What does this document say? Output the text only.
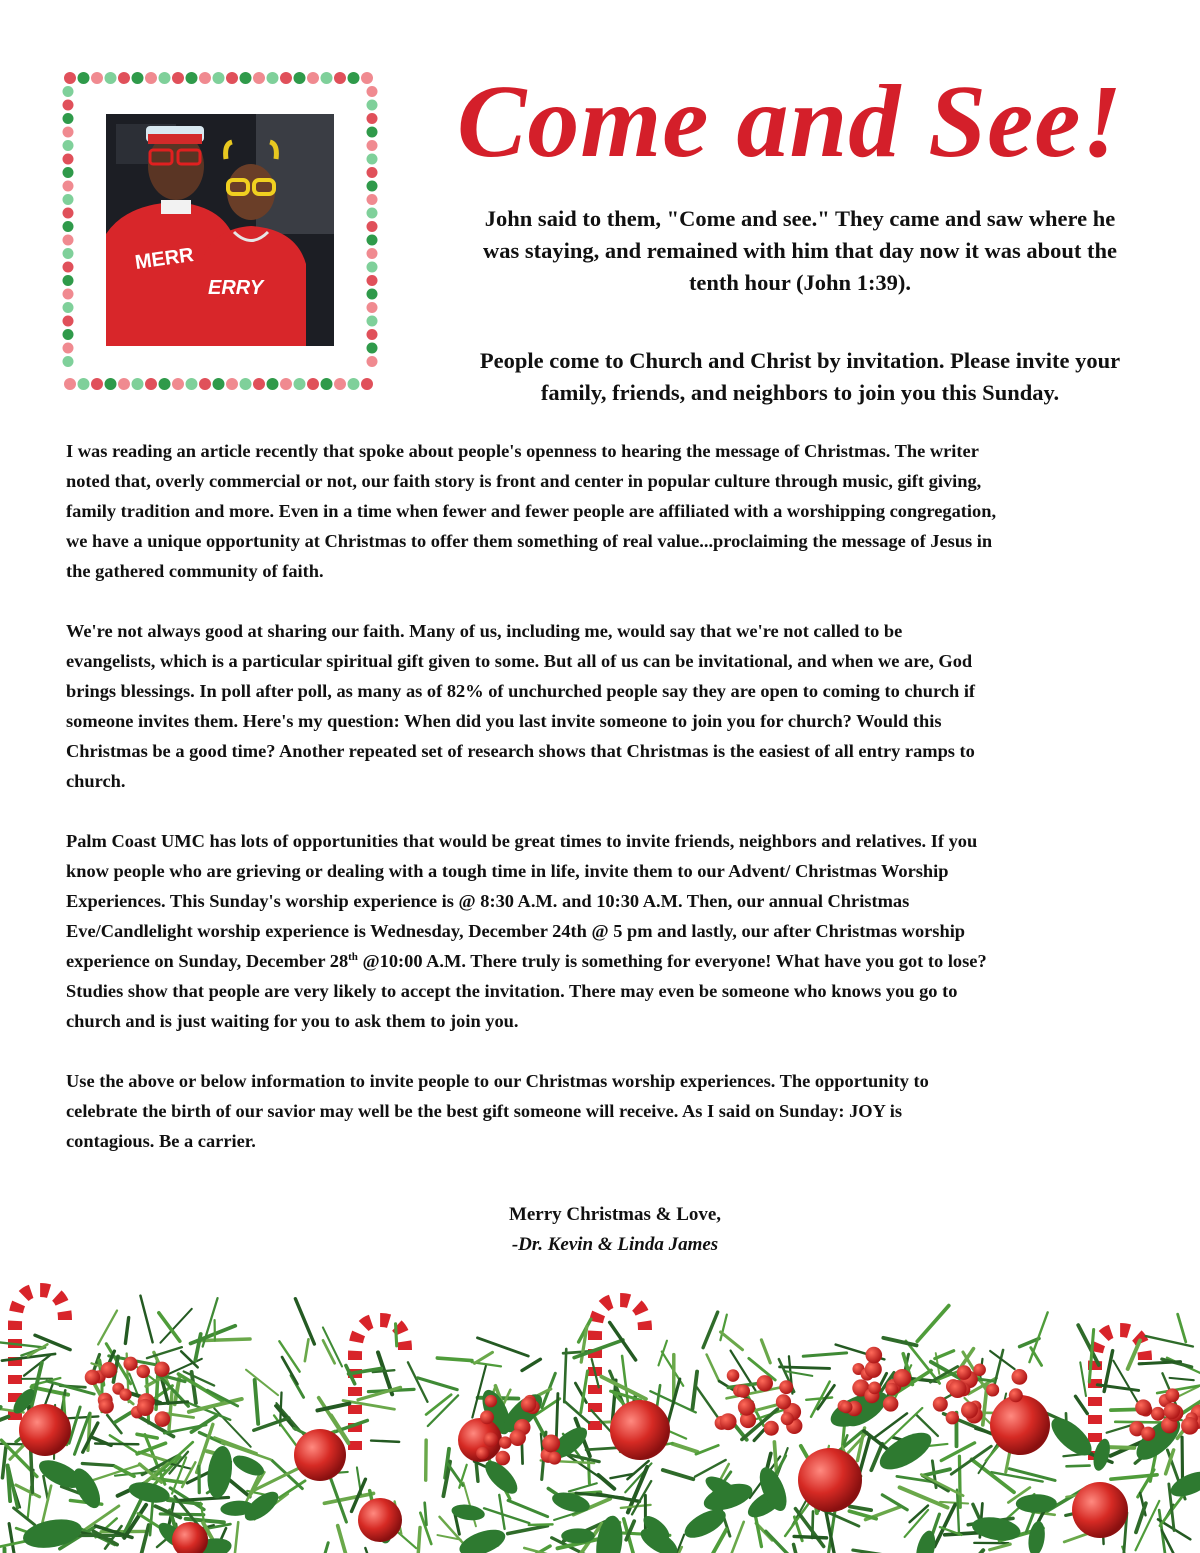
MERR
ERRY
Come and See!
John said to them, "Come and see." They came and saw where he
was staying, and remained with him that day now it was about the
tenth hour (John 1:39).
People come to Church and Christ by invitation. Please invite your
family, friends, and neighbors to join you this Sunday.

I was reading an article recently that spoke about people's openness to hearing the message of Christmas. The writer
noted that, overly commercial or not, our faith story is front and center in popular culture through music, gift giving,
family tradition and more. Even in a time when fewer and fewer people are affiliated with a worshipping congregation,
we have a unique opportunity at Christmas to offer them something of real value...proclaiming the message of Jesus in
the gathered community of faith.

We're not always good at sharing our faith. Many of us, including me, would say that we're not called to be
evangelists, which is a particular spiritual gift given to some. But all of us can be invitational, and when we are, God
brings blessings. In poll after poll, as many as of 82% of unchurched people say they are open to coming to church if
someone invites them. Here's my question: When did you last invite someone to join you for church? Would this
Christmas be a good time? Another repeated set of research shows that Christmas is the easiest of all entry ramps to
church.

Palm Coast UMC has lots of opportunities that would be great times to invite friends, neighbors and relatives. If you
know people who are grieving or dealing with a tough time in life, invite them to our Advent/ Christmas Worship
Experiences. This Sunday's worship experience is @ 8:30 A.M. and 10:30 A.M. Then, our annual Christmas
Eve/Candlelight worship experience is Wednesday, December 24th @ 5 pm and lastly, our after Christmas worship
experience on Sunday, December 28th @10:00 A.M. There truly is something for everyone! What have you got to lose?
Studies show that people are very likely to accept the invitation. There may even be someone who knows you go to
church and is just waiting for you to ask them to join you.

Use the above or below information to invite people to our Christmas worship experiences. The opportunity to
celebrate the birth of our savior may well be the best gift someone will receive. As I said on Sunday: JOY is
contagious. Be a carrier.

Merry Christmas & Love,
-Dr. Kevin & Linda James
